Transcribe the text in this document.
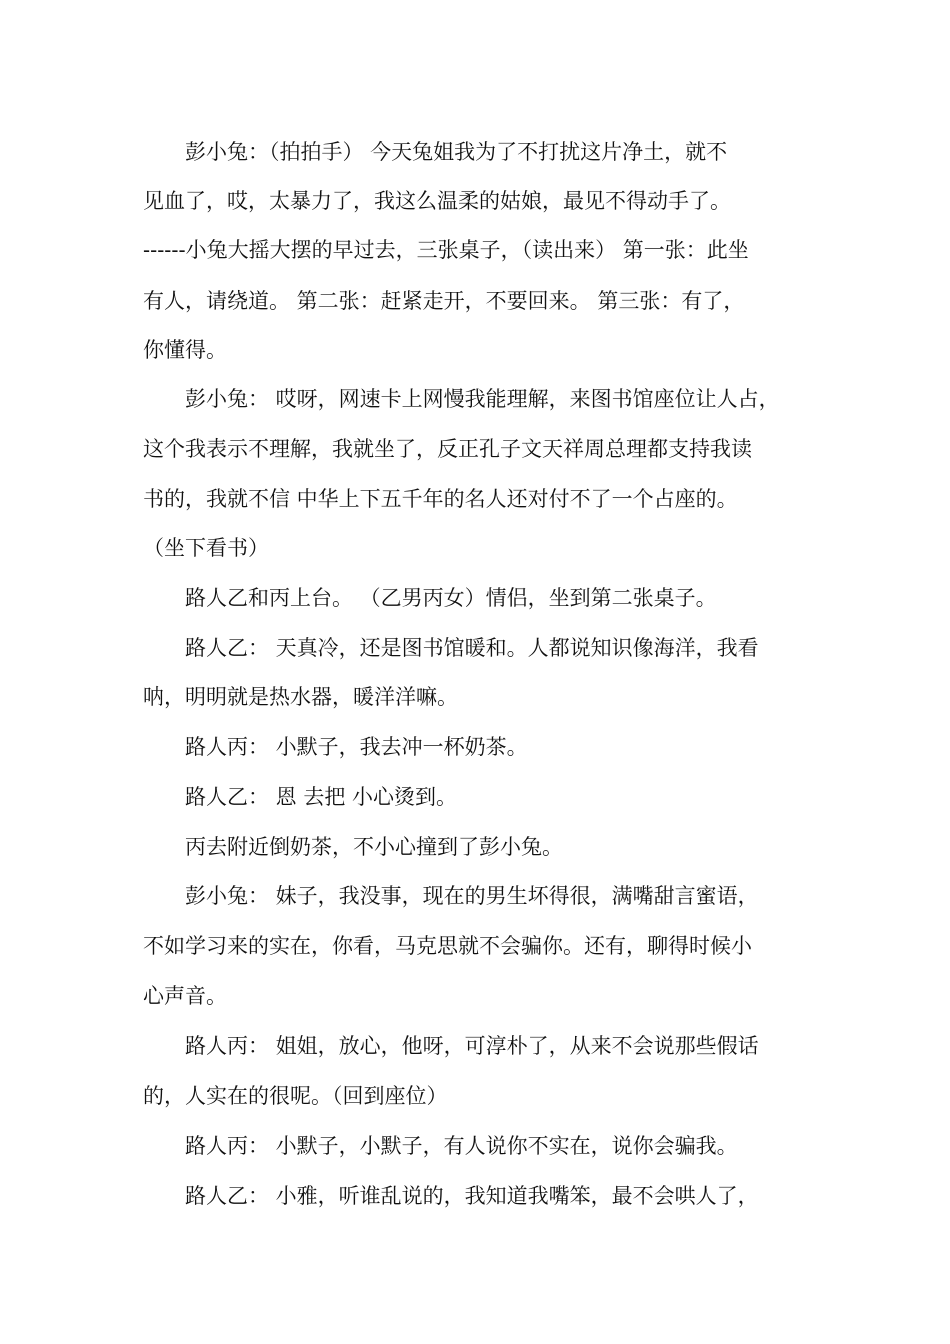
　　彭小兔：（拍拍手） 今天兔姐我为了不打扰这片净土，就不
见血了，哎，太暴力了，我这么温柔的姑娘，最见不得动手了。
------小兔大摇大摆的早过去，三张桌子，（读出来） 第一张：此坐
有人，请绕道。 第二张：赶紧走开，不要回来。 第三张：有了，
你懂得。
　　彭小兔： 哎呀，网速卡上网慢我能理解，来图书馆座位让人占，
这个我表示不理解，我就坐了，反正孔子文天祥周总理都支持我读
书的，我就不信 中华上下五千年的名人还对付不了一个占座的。
（坐下看书）
　　路人乙和丙上台。 （乙男丙女）情侣，坐到第二张桌子。
　　路人乙： 天真冷，还是图书馆暖和。人都说知识像海洋，我看
呐，明明就是热水器，暖洋洋嘛。
　　路人丙： 小默子，我去冲一杯奶茶。
　　路人乙： 恩 去把 小心烫到。
　　丙去附近倒奶茶，不小心撞到了彭小兔。
　　彭小兔： 妹子，我没事，现在的男生坏得很，满嘴甜言蜜语，
不如学习来的实在，你看，马克思就不会骗你。还有，聊得时候小
心声音。
　　路人丙： 姐姐，放心，他呀，可淳朴了，从来不会说那些假话
的，人实在的很呢。（回到座位）
　　路人丙： 小默子，小默子，有人说你不实在，说你会骗我。
　　路人乙： 小雅，听谁乱说的，我知道我嘴笨，最不会哄人了，
